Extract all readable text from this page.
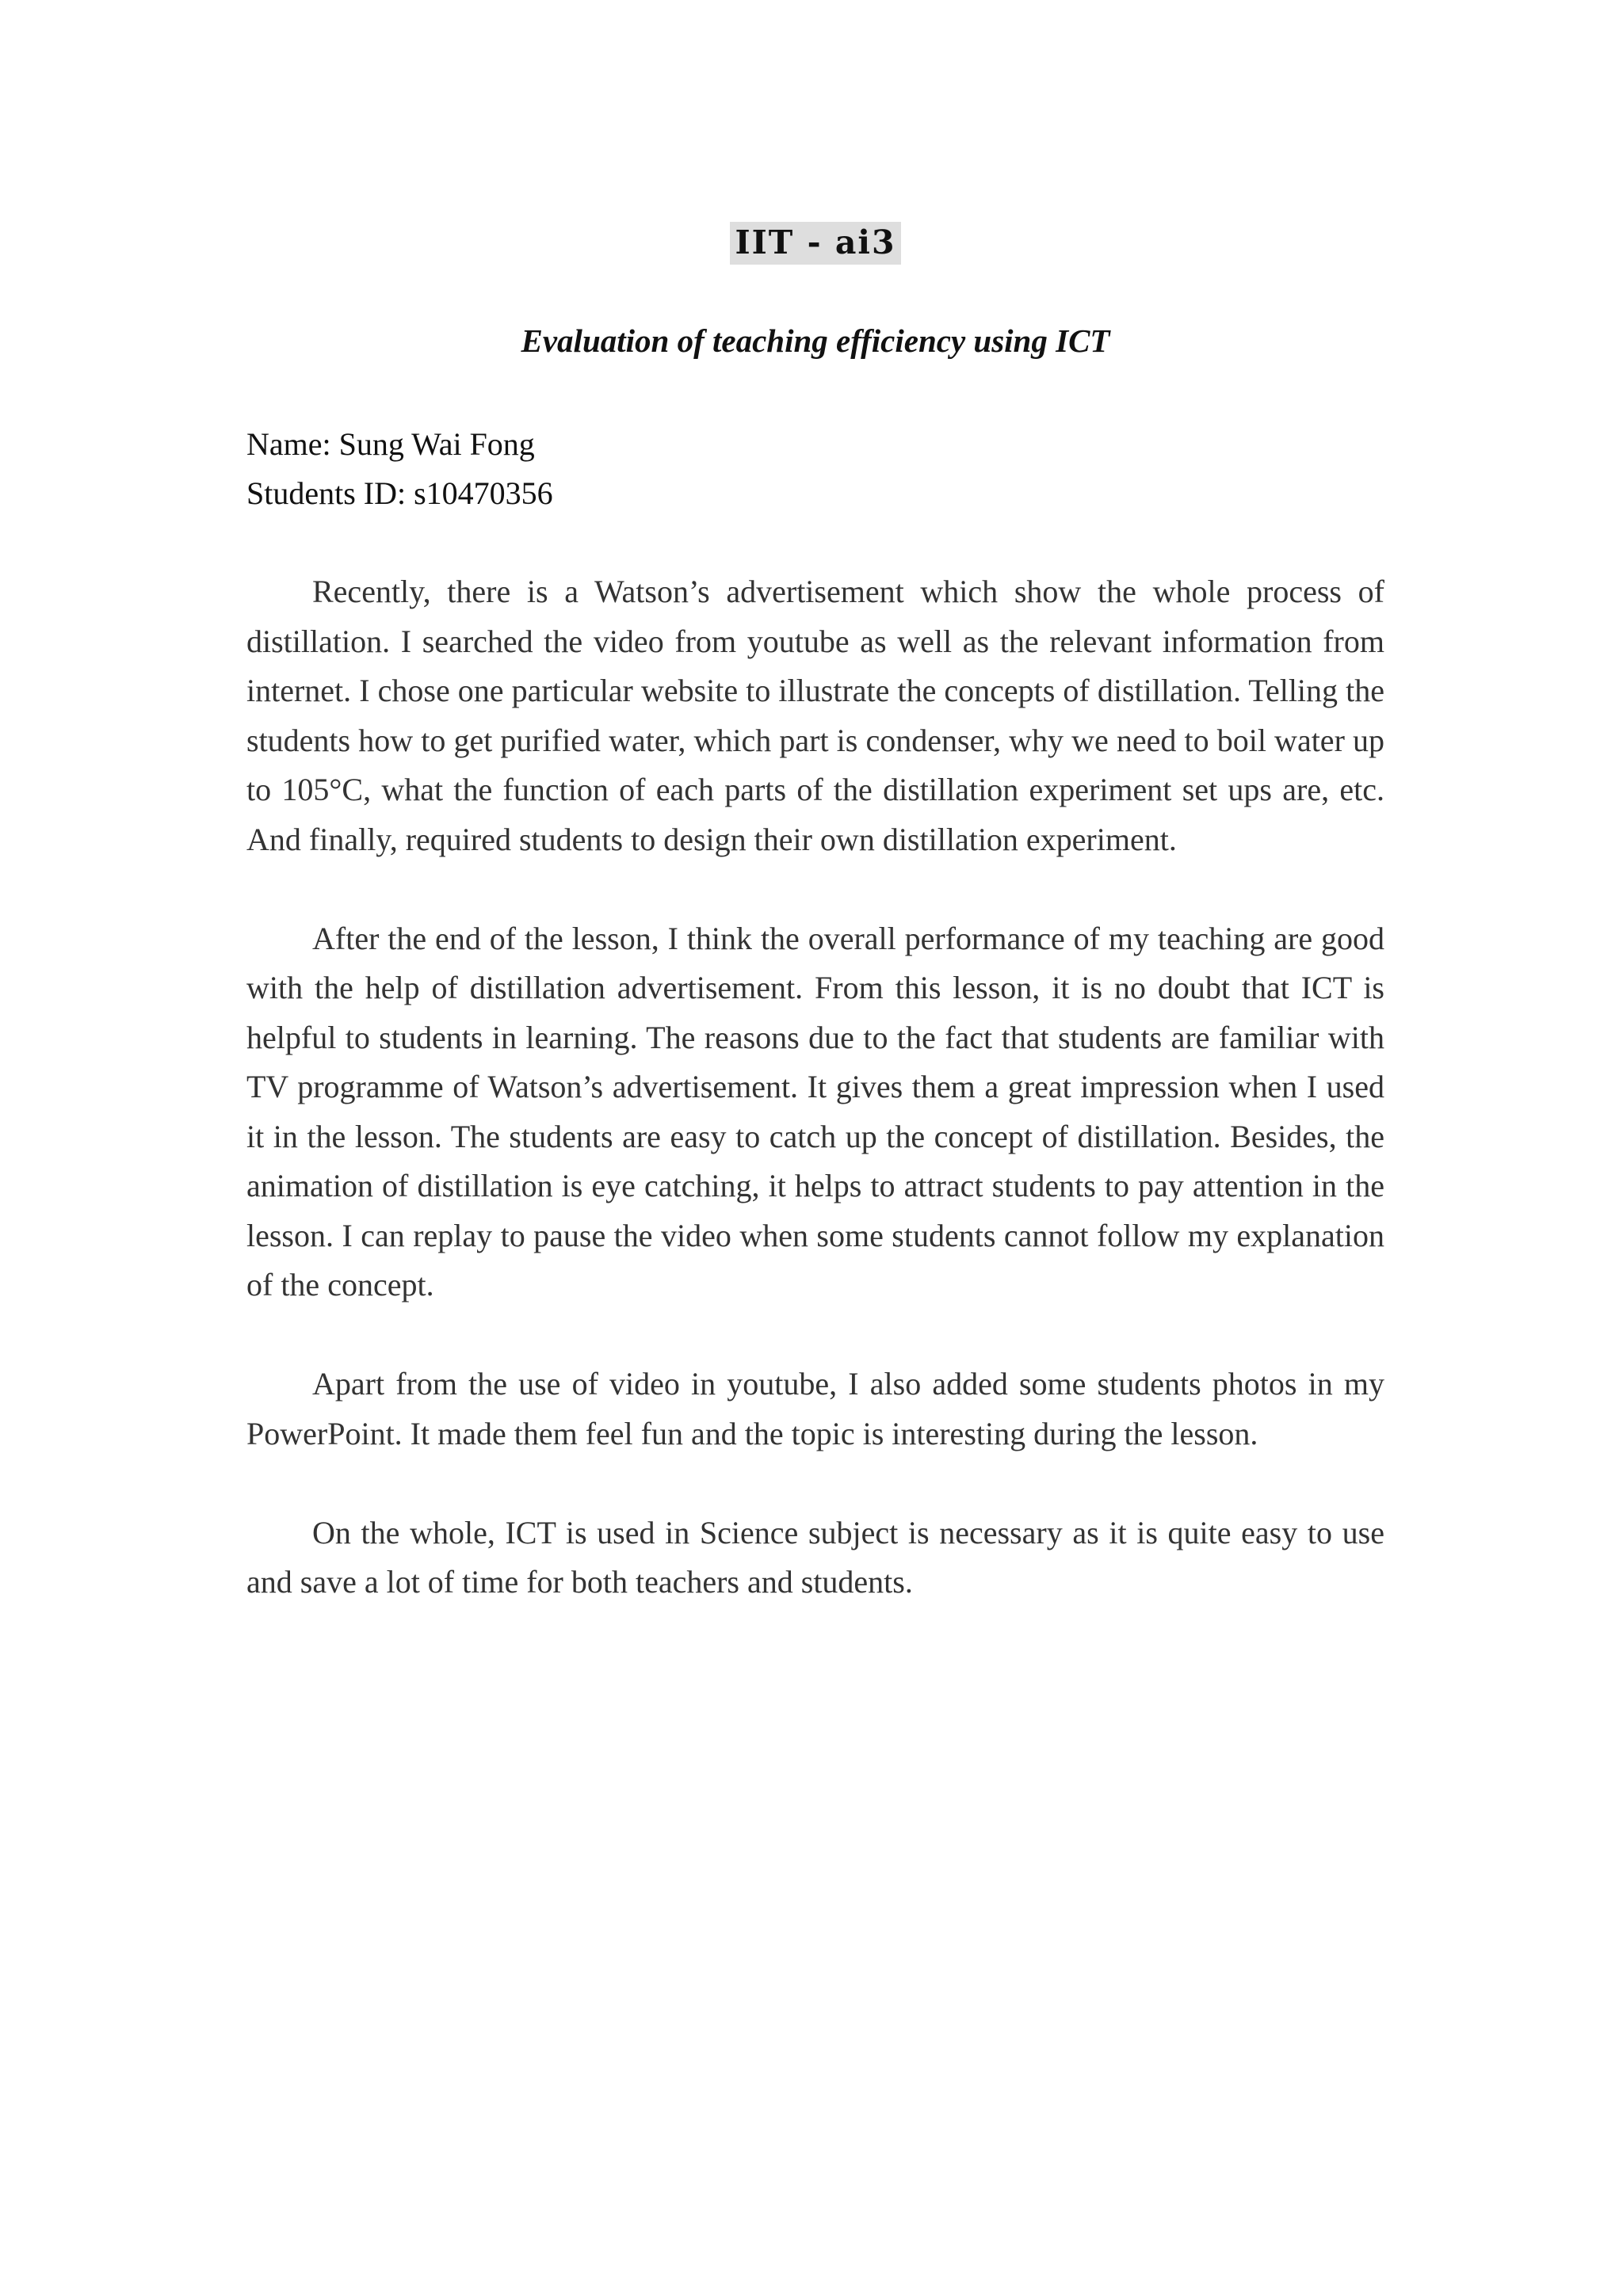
IIT - ai3
Evaluation of teaching efficiency using ICT
Name: Sung Wai Fong
Students ID: s10470356

Recently, there is a Watson’s advertisement which show the whole process of distillation. I searched the video from youtube as well as the relevant information from internet. I chose one particular website to illustrate the concepts of distillation. Telling the students how to get purified water, which part is condenser, why we need to boil water up to 105°C, what the function of each parts of the distillation experiment set ups are, etc. And finally, required students to design their own distillation experiment.

After the end of the lesson, I think the overall performance of my teaching are good with the help of distillation advertisement. From this lesson, it is no doubt that ICT is helpful to students in learning. The reasons due to the fact that students are familiar with TV programme of Watson’s advertisement. It gives them a great impression when I used it in the lesson. The students are easy to catch up the concept of distillation. Besides, the animation of distillation is eye catching, it helps to attract students to pay attention in the lesson. I can replay to pause the video when some students cannot follow my explanation of the concept.

Apart from the use of video in youtube, I also added some students photos in my PowerPoint. It made them feel fun and the topic is interesting during the lesson.

On the whole, ICT is used in Science subject is necessary as it is quite easy to use and save a lot of time for both teachers and students.
